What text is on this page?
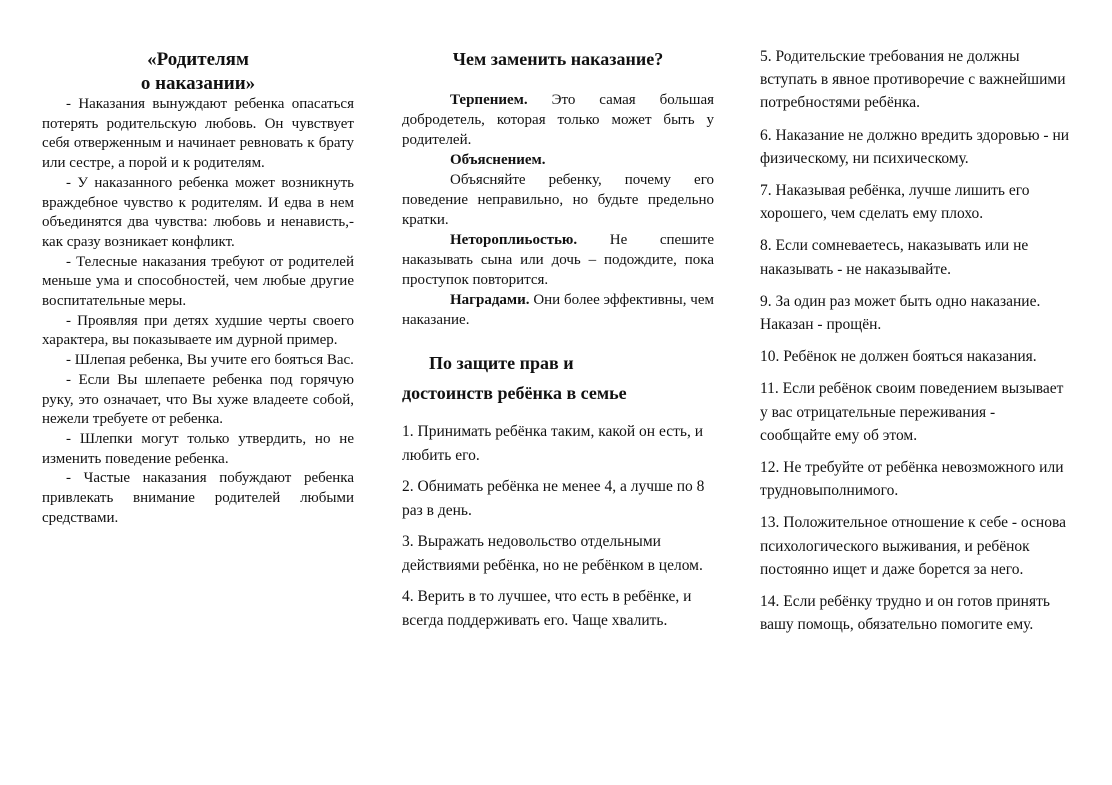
«Родителям
о наказании»

- Наказания вынуждают ребенка опасаться потерять родительскую любовь. Он чувствует себя отверженным и начинает ревновать к брату или сестре, а порой и к родителям.

- У наказанного ребенка может возникнуть враждебное чувство к родителям. И едва в нем объединятся два чувства: любовь и ненависть,- как сразу возникает конфликт.

- Телесные наказания требуют от родителей меньше ума и способностей, чем любые другие воспитательные меры.

- Проявляя при детях худшие черты своего характера, вы показываете им дурной пример.

- Шлепая ребенка, Вы учите его бояться Вас.

- Если Вы шлепаете ребенка под горячую руку, это означает, что Вы хуже владеете собой, нежели требуете от ребенка.

- Шлепки могут только утвердить, но не изменить поведение ребенка.

- Частые наказания побуждают ребенка привлекать внимание родителей любыми средствами.

Чем заменить наказание?

Терпением. Это самая большая добродетель, которая только может быть у родителей.

Объяснением.

Объясняйте ребенку, почему его поведение неправильно, но будьте предельно кратки.

Нетороплиьостью. Не спешите наказывать сына или дочь – подождите, пока проступок повторится.

Наградами. Они более эффективны, чем наказание.

По защите прав и
достоинств ребёнка в семье
1. Принимать ребёнка таким, какой он есть, и любить его.
2. Обнимать ребёнка не менее 4, а лучше по 8 раз в день.
3. Выражать недовольство отдельными действиями ребёнка, но не ребёнком в целом.
4. Верить в то лучшее, что есть в ребёнке, и всегда поддерживать его. Чаще хвалить.
5. Родительские требования не должны вступать в явное противоречие с важнейшими потребностями ребёнка.
6. Наказание не должно вредить здоровью - ни физическому, ни психическому.
7. Наказывая ребёнка, лучше лишить его хорошего, чем сделать ему плохо.
8. Если сомневаетесь, наказывать или не наказывать - не наказывайте.
9. За один раз может быть одно наказание. Наказан - прощён.
10. Ребёнок не должен бояться наказания.
11. Если ребёнок своим поведением вызывает у вас отрицательные переживания - сообщайте ему об этом.
12. Не требуйте от ребёнка невозможного или трудновыполнимого.
13. Положительное отношение к себе - основа психологического выживания, и ребёнок постоянно ищет и даже борется за него.
14. Если ребёнку трудно и он готов принять вашу помощь, обязательно помогите ему.
